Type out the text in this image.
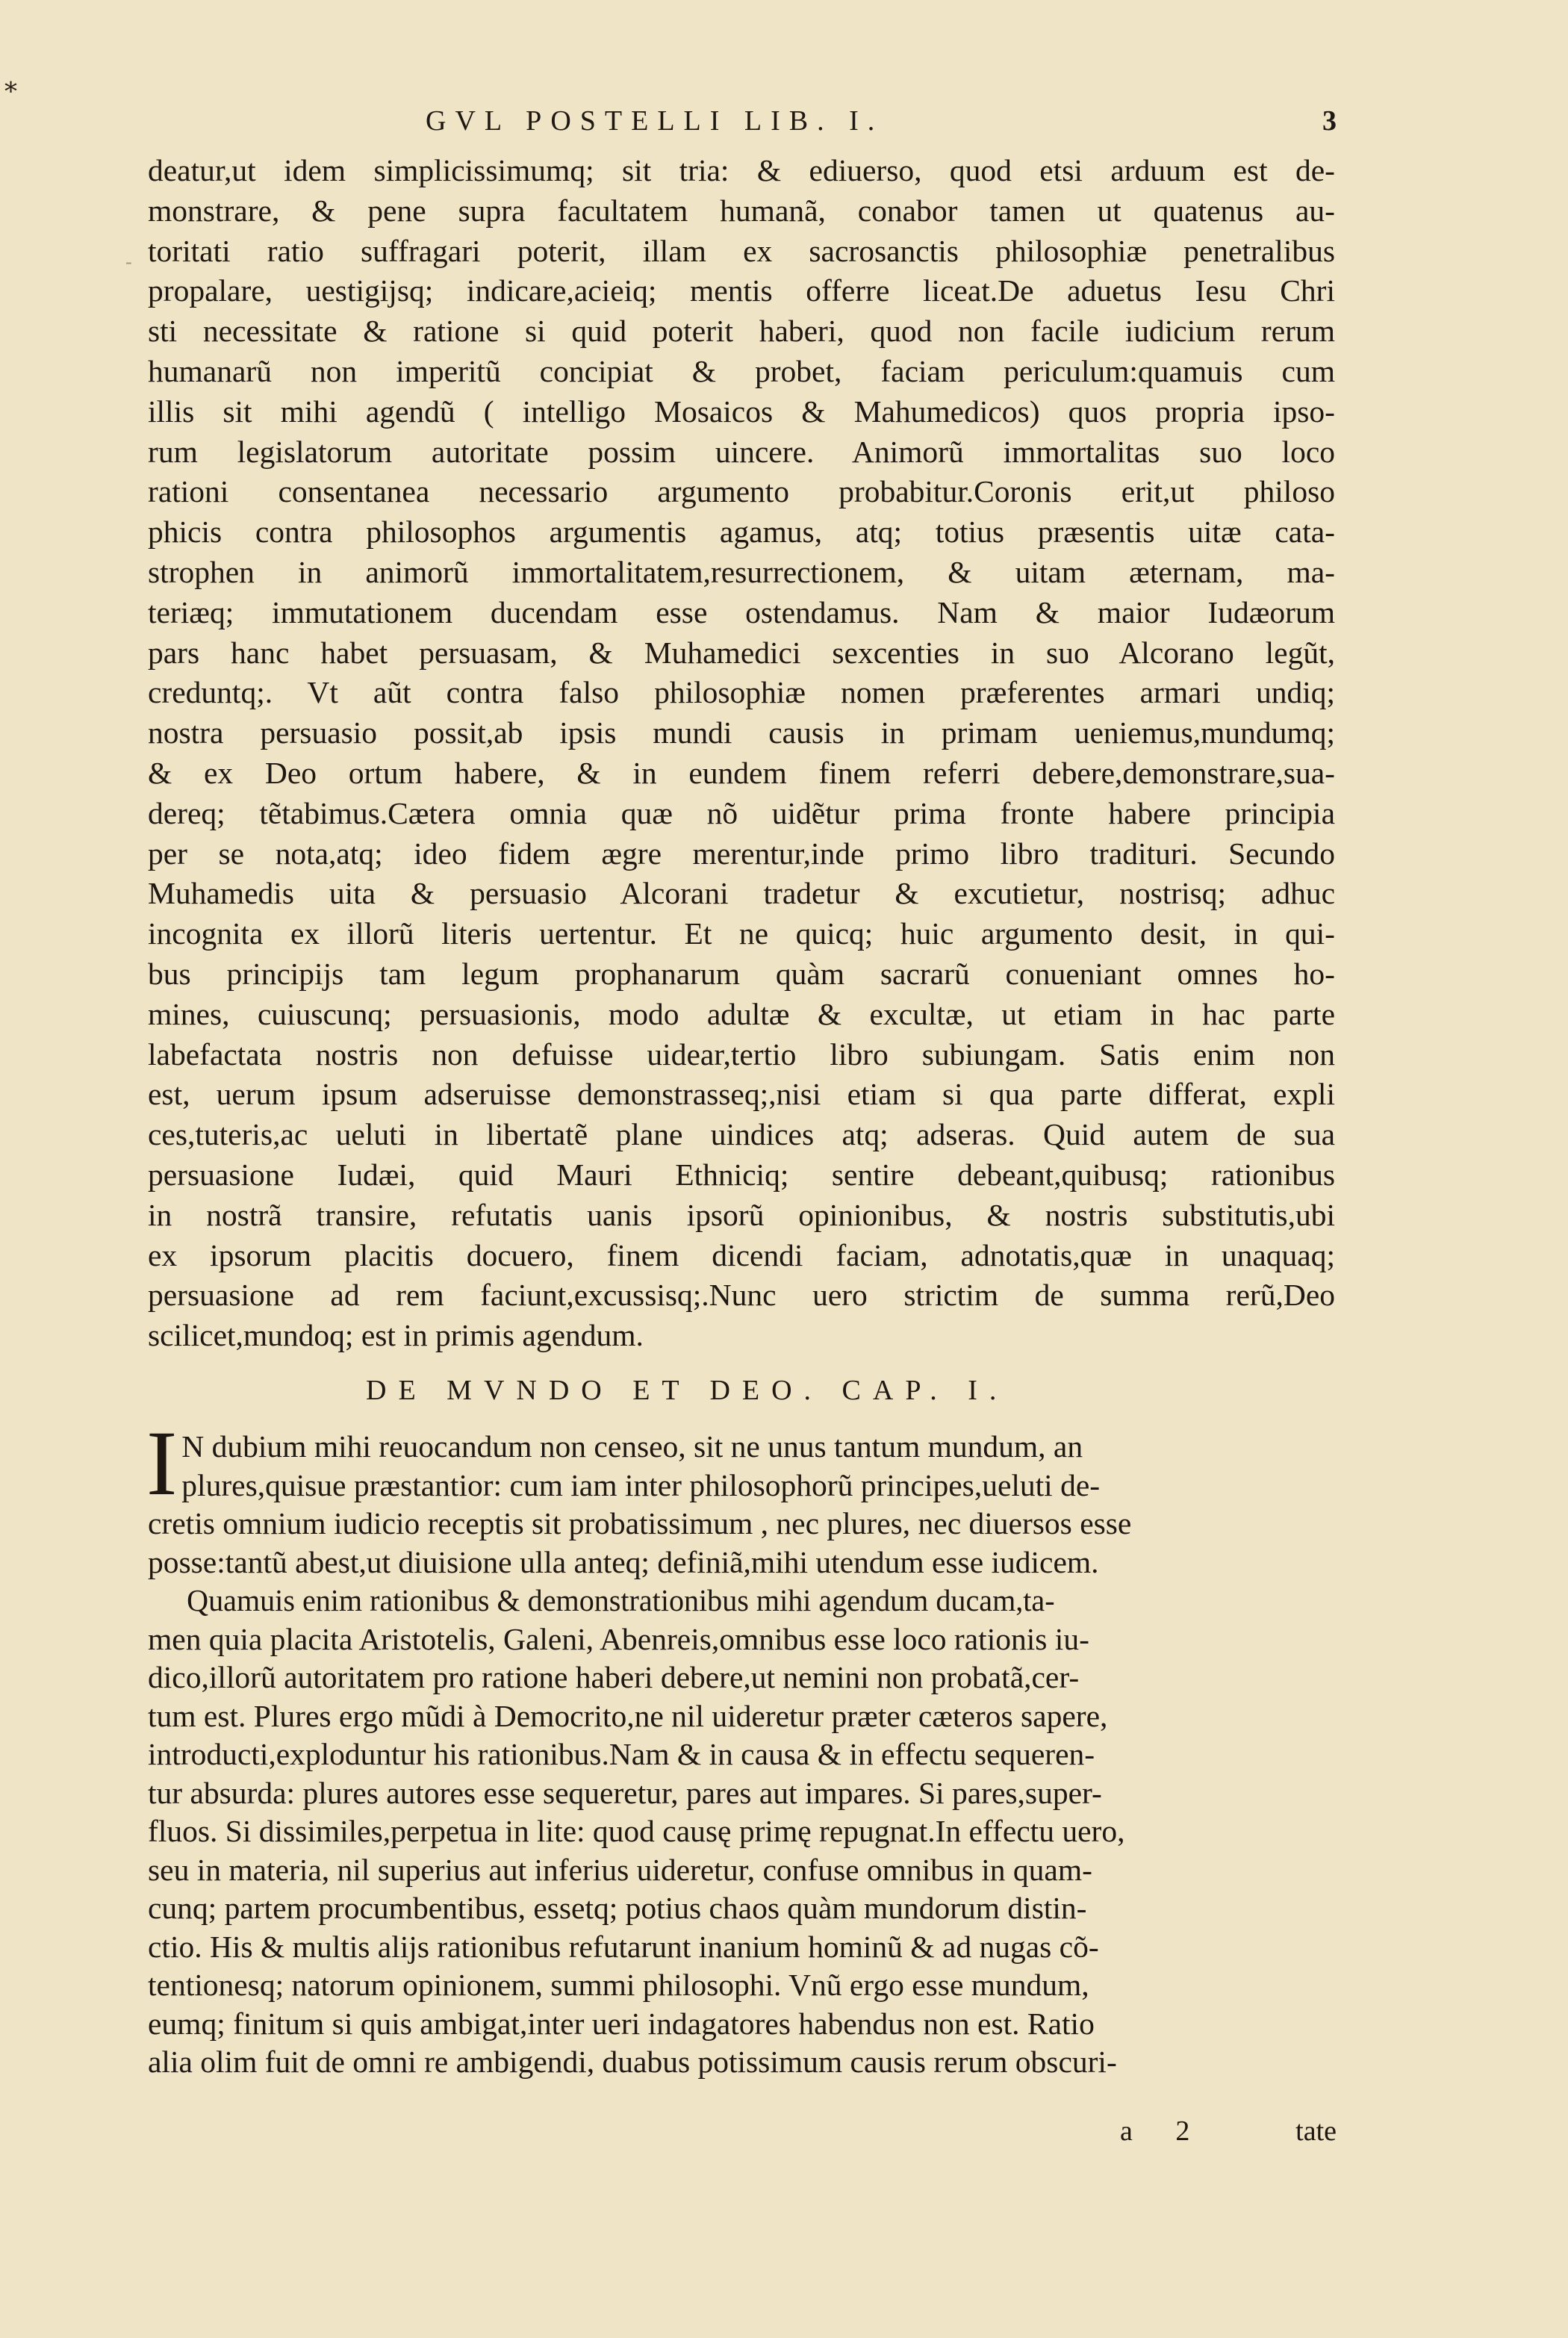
⁎
-
GVL POSTELLI LIB. I.	3
deatur,ut idem simplicissimumq; sit tria: & ediuerso, quod etsi arduum est de-
monstrare, & pene supra facultatem humanã, conabor tamen ut quatenus au-
toritati ratio suffragari poterit, illam ex sacrosanctis philosophiæ penetralibus
propalare, uestigijsq; indicare,acieiq; mentis offerre liceat.De aduetus Iesu Chri
sti necessitate & ratione si quid poterit haberi, quod non facile iudicium rerum
humanarũ non imperitũ concipiat & probet, faciam periculum:quamuis cum
illis sit mihi agendũ ( intelligo Mosaicos & Mahumedicos) quos propria ipso-
rum legislatorum autoritate possim uincere. Animorũ immortalitas suo loco
rationi consentanea necessario argumento probabitur.Coronis erit,ut philoso
phicis contra philosophos argumentis agamus, atq; totius præsentis uitæ cata-
strophen in animorũ immortalitatem,resurrectionem, & uitam æternam, ma-
teriæq; immutationem ducendam esse ostendamus. Nam & maior Iudæorum
pars hanc habet persuasam, & Muhamedici sexcenties in suo Alcorano legũt,
creduntq;. Vt aũt contra falso philosophiæ nomen præferentes armari undiq;
nostra persuasio possit,ab ipsis mundi causis in primam ueniemus,mundumq;
& ex Deo ortum habere, & in eundem finem referri debere,demonstrare,sua-
dereq; tẽtabimus.Cætera omnia quæ nõ uidẽtur prima fronte habere principia
per se nota,atq; ideo fidem ægre merentur,inde primo libro tradituri. Secundo
Muhamedis uita & persuasio Alcorani tradetur & excutietur, nostrisq; adhuc
incognita ex illorũ literis uertentur. Et ne quicq; huic argumento desit, in qui-
bus principijs tam legum prophanarum quàm sacrarũ conueniant omnes ho-
mines, cuiuscunq; persuasionis, modo adultæ & excultæ, ut etiam in hac parte
labefactata nostris non defuisse uidear,tertio libro subiungam. Satis enim non
est, uerum ipsum adseruisse demonstrasseq;,nisi etiam si qua parte differat, expli
ces,tuteris,ac ueluti in libertatẽ plane uindices atq; adseras. Quid autem de sua
persuasione Iudæi, quid Mauri Ethniciq; sentire debeant,quibusq; rationibus
in nostrã transire, refutatis uanis ipsorũ opinionibus, & nostris substitutis,ubi
ex ipsorum placitis docuero, finem dicendi faciam, adnotatis,quæ in unaquaq;
persuasione ad rem faciunt,excussisq;.Nunc uero strictim de summa rerũ,Deo
scilicet,mundoq; est in primis agendum.
DE MVNDO ET DEO. CAP. I.
I N dubium mihi reuocandum non censeo, sit ne unus tantum mundum, an
plures,quisue præstantior: cum iam inter philosophorũ principes,ueluti de-
cretis omnium iudicio receptis sit probatissimum , nec plures, nec diuersos esse
posse:tantũ abest,ut diuisione ulla anteq; definiã,mihi utendum esse iudicem.
Quamuis enim rationibus & demonstrationibus mihi agendum ducam,ta-
men quia placita Aristotelis, Galeni, Abenreis,omnibus esse loco rationis iu-
dico,illorũ autoritatem pro ratione haberi debere,ut nemini non probatã,cer-
tum est. Plures ergo mũdi à Democrito,ne nil uideretur præter cæteros sapere,
introducti,exploduntur his rationibus.Nam & in causa & in effectu sequeren-
tur absurda: plures autores esse sequeretur, pares aut impares. Si pares,super-
fluos. Si dissimiles,perpetua in lite: quod causę primę repugnat.In effectu uero,
seu in materia, nil superius aut inferius uideretur, confuse omnibus in quam-
cunq; partem procumbentibus, essetq; potius chaos quàm mundorum distin-
ctio. His & multis alijs rationibus refutarunt inanium hominũ & ad nugas cõ-
tentionesq; natorum opinionem, summi philosophi. Vnũ ergo esse mundum,
eumq; finitum si quis ambigat,inter ueri indagatores habendus non est. Ratio
alia olim fuit de omni re ambigendi, duabus potissimum causis rerum obscuri-
a 2	tate
